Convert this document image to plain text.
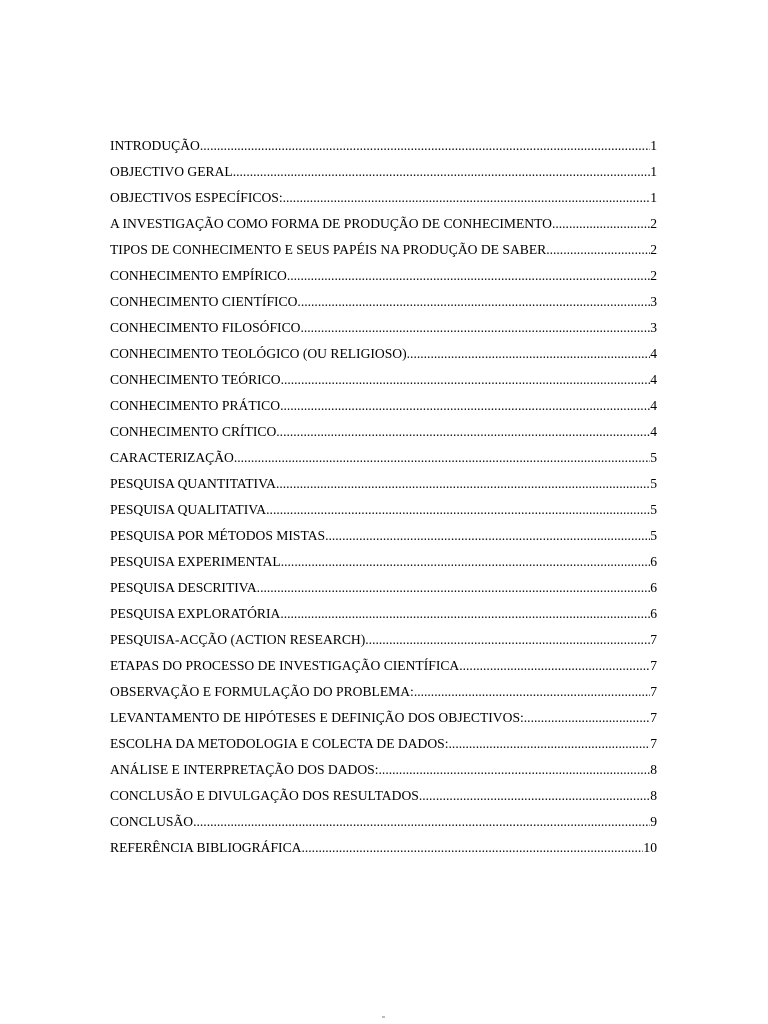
INTRODUÇÃO .....	1
OBJECTIVO GERAL .....	1
OBJECTIVOS ESPECÍFICOS: .....	1
A INVESTIGAÇÃO COMO FORMA DE PRODUÇÃO DE CONHECIMENTO .....	2
TIPOS DE CONHECIMENTO E SEUS PAPÉIS NA PRODUÇÃO DE SABER .....	2
CONHECIMENTO EMPÍRICO .....	2
CONHECIMENTO CIENTÍFICO .....	3
CONHECIMENTO FILOSÓFICO .....	3
CONHECIMENTO TEOLÓGICO (OU RELIGIOSO) .....	4
CONHECIMENTO TEÓRICO .....	4
CONHECIMENTO PRÁTICO .....	4
CONHECIMENTO CRÍTICO .....	4
CARACTERIZAÇÃO .....	5
PESQUISA QUANTITATIVA .....	5
PESQUISA QUALITATIVA .....	5
PESQUISA POR MÉTODOS MISTAS .....	5
PESQUISA EXPERIMENTAL .....	6
PESQUISA DESCRITIVA .....	6
PESQUISA EXPLORATÓRIA .....	6
PESQUISA-ACÇÃO (ACTION RESEARCH) .....	7
ETAPAS DO PROCESSO DE INVESTIGAÇÃO CIENTÍFICA .....	7
OBSERVAÇÃO E FORMULAÇÃO DO PROBLEMA: .....	7
LEVANTAMENTO DE HIPÓTESES E DEFINIÇÃO DOS OBJECTIVOS: .....	7
ESCOLHA DA METODOLOGIA E COLECTA DE DADOS: .....	7
ANÁLISE E INTERPRETAÇÃO DOS DADOS: .....	8
CONCLUSÃO E DIVULGAÇÃO DOS RESULTADOS .....	8
CONCLUSÃO .....	9
REFERÊNCIA BIBLIOGRÁFICA .....	10
